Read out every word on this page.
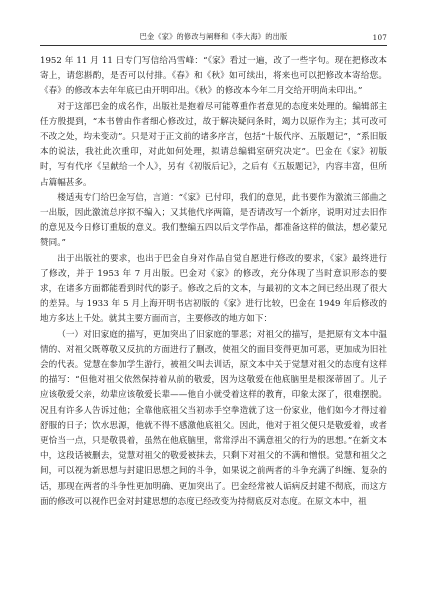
巴金《家》的修改与阐释和《李大海》的出版	107

1952 年 11 月 11 日专门写信给冯雪峰：“《家》看过一遍，改了一些字句。现在把修改本寄上，请您斟酌，是否可以付排。《春》和《秋》如可续出，将来也可以把修改本寄给您。《春》的修改本去年年底已由开明印出。《秋》的修改本今年二月交给开明尚未印出。”

对于这部巴金的成名作，出版社是抱着尽可能尊重作者意见的态度来处理的。编辑部主任方殷提到，“本书曾由作者细心修改过，故于解决疑问条时，竭力以原作为主；其可改可不改之处，均未变动”。只是对于正文前的诸多序言，包括“十版代序、五版题记”，“系旧版本的说法，我社此次重印，对此如何处理，拟请总编辑室研究决定”。巴金在《家》初版时，写有代序《呈献给一个人》，另有《初版后记》，之后有《五版题记》，内容丰富，但所占篇幅甚多。

楼适夷专门给巴金写信，言道：“《家》已付印，我们的意见，此书要作为激流三部曲之一出版，因此激流总序拟不编入；又其他代序两篇，是否请改写一个新序，说明对过去旧作的意见及今日修订重版的意义。我们整编五四以后文学作品，都准备这样的做法，想必蒙兄赞同。”

出于出版社的要求，也出于巴金自身对作品自觉自愿进行修改的要求，《家》最终进行了修改，并于 1953 年 7 月出版。巴金对《家》的修改，充分体现了当时意识形态的要求，在诸多方面都能看到时代的影子。修改之后的文本，与最初的文本之间已经出现了很大的差异。与 1933 年 5 月上海开明书店初版的《家》进行比较，巴金在 1949 年后修改的地方多达上千处。就其主要方面而言，主要修改的地方如下：

（一）对旧家庭的描写，更加突出了旧家庭的罪恶；对祖父的描写，是把原有文本中温情的、对祖父既尊敬又反抗的方面进行了删改，使祖父的面目变得更加可恶，更加成为旧社会的代表。觉慧在参加学生游行，被祖父叫去训话，原文本中关于觉慧对祖父的态度有这样的描写：“但他对祖父依然保持着从前的敬爱，因为这敬爱在他底脑里是根深蒂固了。儿子应该敬爱父亲，幼辈应该敬爱长辈——他自小就受着这样的教育，印象太深了，很难摆脱。况且有许多人告诉过他；全靠他底祖父当初赤手空拳造就了这一份家业，他们如今才得过着舒服的日子；饮水思源，他就不得不感激他底祖父。因此，他对于祖父便只是敬爱着，或者更恰当一点，只是敬畏着，虽然在他底脑里，常常浮出不满意祖父的行为的思想。”在新文本中，这段话被删去，觉慧对祖父的敬爱被抹去，只剩下对祖父的不满和憎恨。觉慧和祖父之间，可以视为新思想与封建旧思想之间的斗争，如果说之前两者的斗争充满了纠缠、复杂的话，那现在两者的斗争性更加明确、更加突出了。巴金经常被人诟病反封建不彻底，而这方面的修改可以视作巴金对封建思想的态度已经改变为持彻底反对态度。在原文本中，祖
